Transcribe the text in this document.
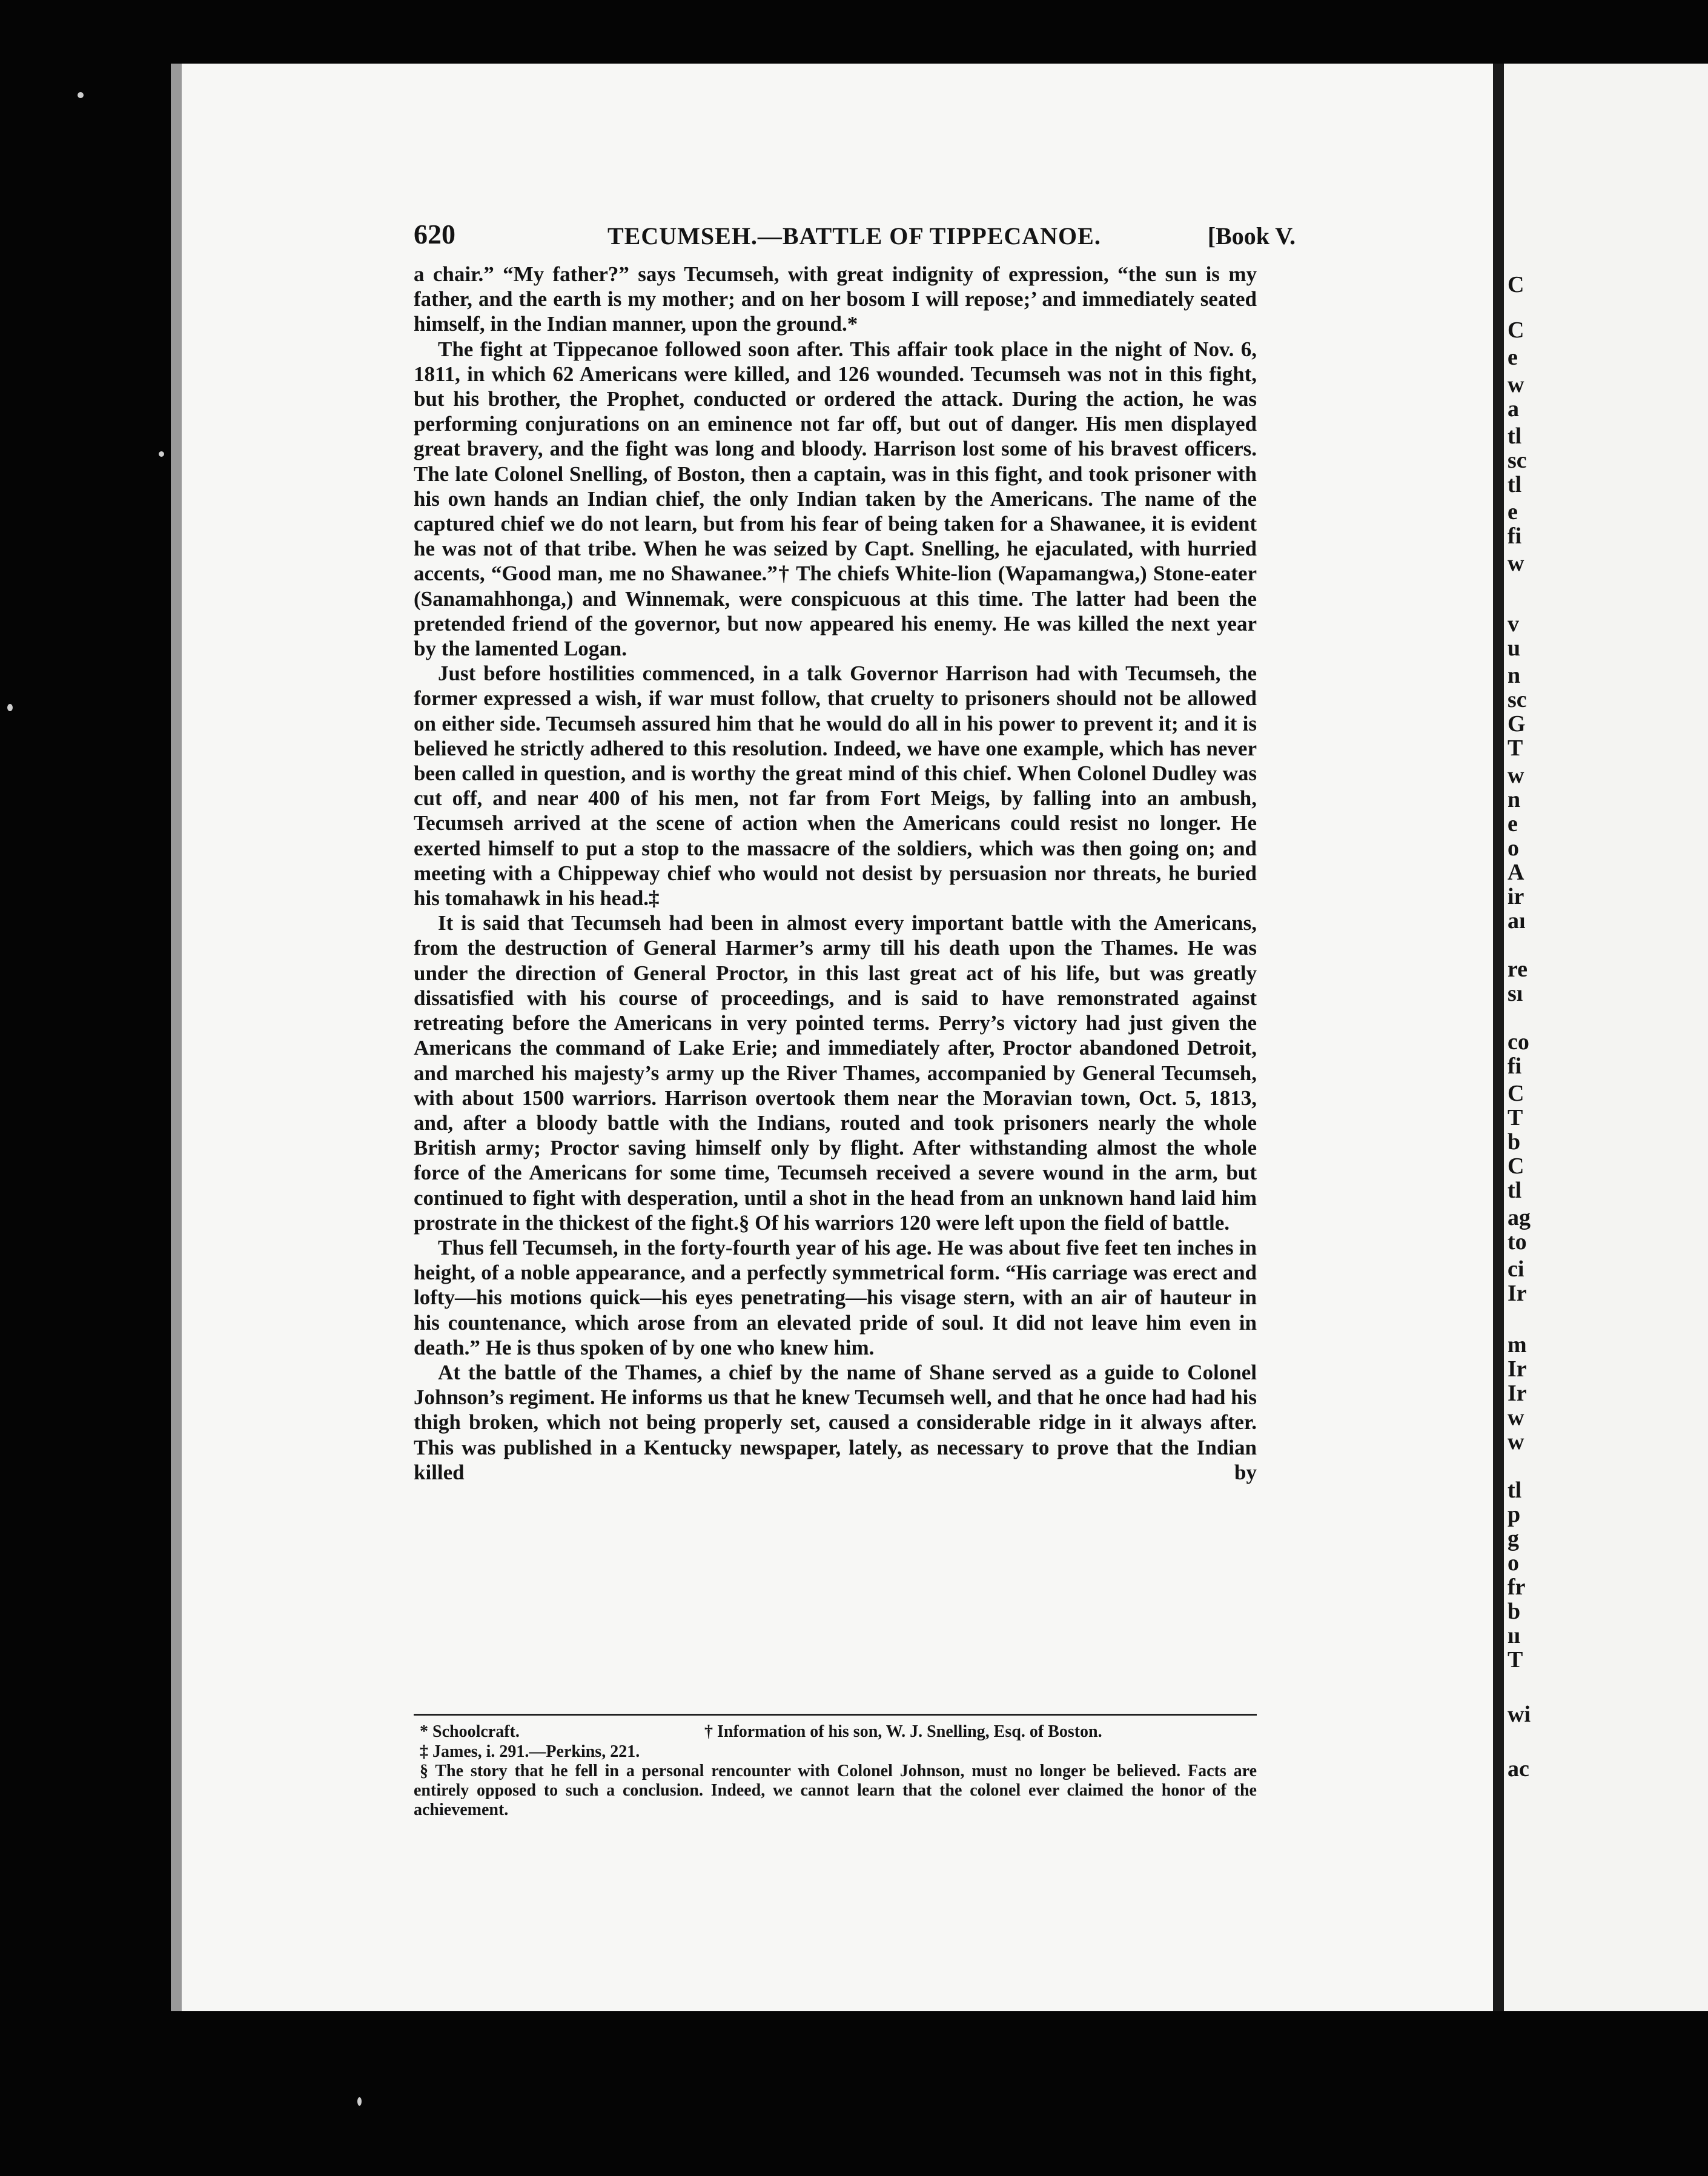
C
C
e
w
a
tl
sc
tl
e
fi
w
v
u
n
sc
G
T
w
n
e
o
A
ir
aı
re
sı
co
fi
C
T
b
C
tl
ag
to
ci
Ir
m
Ir
Ir
w
w
tl
p
g
o
fr
b
ıı
T
wi
ac
620	TECUMSEH.—BATTLE OF TIPPECANOE.	[Book V.

a chair.” “My father?” says Tecumseh, with great indignity of expression, “the sun is my father, and the earth is my mother; and on her bosom I will repose;’ and immediately seated himself, in the Indian manner, upon the ground.*

The fight at Tippecanoe followed soon after. This affair took place in the night of Nov. 6, 1811, in which 62 Americans were killed, and 126 wounded. Tecumseh was not in this fight, but his brother, the Prophet, conducted or ordered the attack. During the action, he was performing conjurations on an eminence not far off, but out of danger. His men displayed great bravery, and the fight was long and bloody. Harrison lost some of his bravest officers. The late Colonel Snelling, of Boston, then a captain, was in this fight, and took prisoner with his own hands an Indian chief, the only Indian taken by the Americans. The name of the captured chief we do not learn, but from his fear of being taken for a Shawanee, it is evident he was not of that tribe. When he was seized by Capt. Snelling, he ejaculated, with hurried accents, “Good man, me no Shawanee.”† The chiefs White-lion (Wapamangwa,) Stone-eater (Sanamahhonga,) and Winnemak, were conspicuous at this time. The latter had been the pretended friend of the governor, but now appeared his enemy. He was killed the next year by the lamented Logan.

Just before hostilities commenced, in a talk Governor Harrison had with Tecumseh, the former expressed a wish, if war must follow, that cruelty to prisoners should not be allowed on either side. Tecumseh assured him that he would do all in his power to prevent it; and it is believed he strictly adhered to this resolution. Indeed, we have one example, which has never been called in question, and is worthy the great mind of this chief. When Colonel Dudley was cut off, and near 400 of his men, not far from Fort Meigs, by falling into an ambush, Tecumseh arrived at the scene of action when the Americans could resist no longer. He exerted himself to put a stop to the massacre of the soldiers, which was then going on; and meeting with a Chippeway chief who would not desist by persuasion nor threats, he buried his tomahawk in his head.‡

It is said that Tecumseh had been in almost every important battle with the Americans, from the destruction of General Harmer’s army till his death upon the Thames. He was under the direction of General Proctor, in this last great act of his life, but was greatly dissatisfied with his course of proceedings, and is said to have remonstrated against retreating before the Americans in very pointed terms. Perry’s victory had just given the Americans the command of Lake Erie; and immediately after, Proctor abandoned Detroit, and marched his majesty’s army up the River Thames, accompanied by General Tecumseh, with about 1500 warriors. Harrison overtook them near the Moravian town, Oct. 5, 1813, and, after a bloody battle with the Indians, routed and took prisoners nearly the whole British army; Proctor saving himself only by flight. After withstanding almost the whole force of the Americans for some time, Tecumseh received a severe wound in the arm, but continued to fight with desperation, until a shot in the head from an unknown hand laid him prostrate in the thickest of the fight.§ Of his warriors 120 were left upon the field of battle.

Thus fell Tecumseh, in the forty-fourth year of his age. He was about five feet ten inches in height, of a noble appearance, and a perfectly symmetrical form. “His carriage was erect and lofty—his motions quick—his eyes penetrating—his visage stern, with an air of hauteur in his countenance, which arose from an elevated pride of soul. It did not leave him even in death.” He is thus spoken of by one who knew him.

At the battle of the Thames, a chief by the name of Shane served as a guide to Colonel Johnson’s regiment. He informs us that he knew Tecumseh well, and that he once had had his thigh broken, which not being properly set, caused a considerable ridge in it always after. This was published in a Kentucky newspaper, lately, as necessary to prove that the Indian killed by

* Schoolcraft.	† Information of his son, W. J. Snelling, Esq. of Boston.

‡ James, i. 291.—Perkins, 221.

§ The story that he fell in a personal rencounter with Colonel Johnson, must no longer be believed. Facts are entirely opposed to such a conclusion. Indeed, we cannot learn that the colonel ever claimed the honor of the achievement.
